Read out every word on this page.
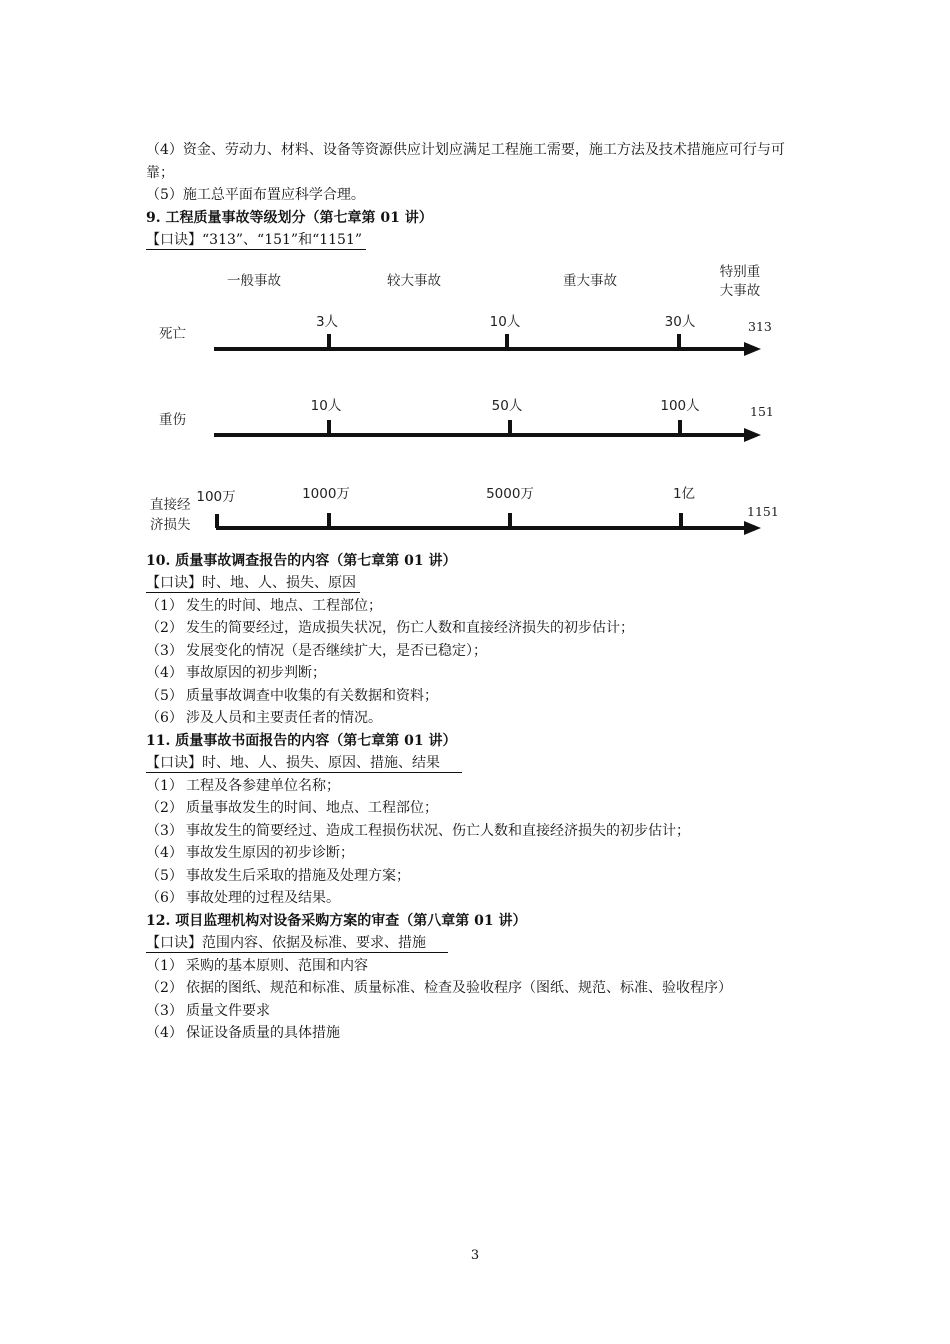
（4）资金、劳动力、材料、设备等资源供应计划应满足工程施工需要，施工方法及技术措施应可行与可靠；
（5）施工总平面布置应科学合理。
9. 工程质量事故等级划分（第七章第 01 讲）
【口诀】“313”、“151”和“1151”
一般事故	较大事故	重大事故
特别重
大事故
死亡
3人	10人	30人	313
重伤
10人	50人	100人	151
直接经
济损失
100万	1000万	5000万	1亿
1151
10. 质量事故调查报告的内容（第七章第 01 讲）
【口诀】时、地、人、损失、原因
（1） 发生的时间、地点、工程部位；
（2） 发生的简要经过，造成损失状况，伤亡人数和直接经济损失的初步估计；
（3） 发展变化的情况（是否继续扩大，是否已稳定）；
（4） 事故原因的初步判断；
（5） 质量事故调查中收集的有关数据和资料；
（6） 涉及人员和主要责任者的情况。
11. 质量事故书面报告的内容（第七章第 01 讲）
【口诀】时、地、人、损失、原因、措施、结果
（1） 工程及各参建单位名称；
（2） 质量事故发生的时间、地点、工程部位；
（3） 事故发生的简要经过、造成工程损伤状况、伤亡人数和直接经济损失的初步估计；
（4） 事故发生原因的初步诊断；
（5） 事故发生后采取的措施及处理方案；
（6） 事故处理的过程及结果。
12. 项目监理机构对设备采购方案的审查（第八章第 01 讲）
【口诀】范围内容、依据及标准、要求、措施
（1） 采购的基本原则、范围和内容
（2） 依据的图纸、规范和标准、质量标准、检查及验收程序（图纸、规范、标准、验收程序）
（3） 质量文件要求
（4） 保证设备质量的具体措施
3
